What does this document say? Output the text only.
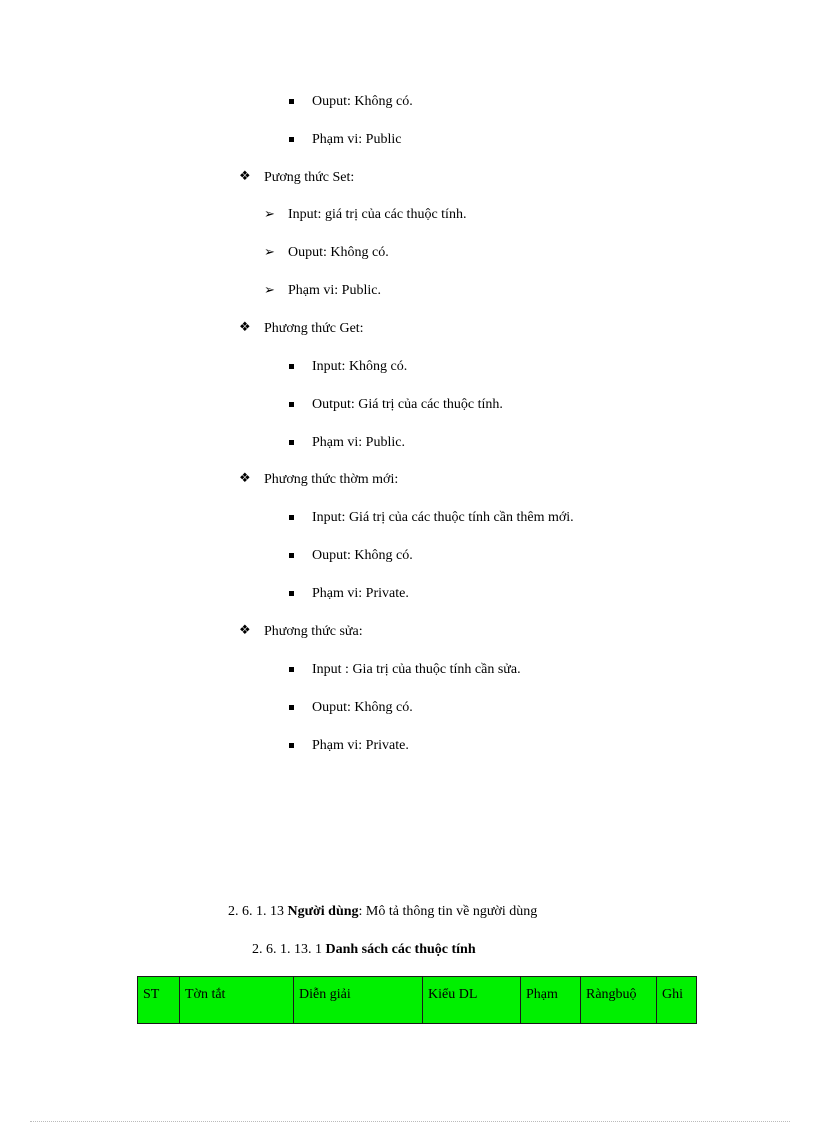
Ouput: Không có.
Phạm vi: Public
❖ Pương thức Set:
➢ Input: giá trị của các thuộc tính.
➢ Ouput: Không có.
➢ Phạm vi: Public.
❖ Phương thức Get:
Input: Không có.
Output: Giá trị của các thuộc tính.
Phạm vi: Public.
❖ Phương thức thờm mới:
Input: Giá trị của các thuộc tính cần thêm mới.
Ouput: Không có.
Phạm vi: Private.
❖ Phương thức sửa:
Input : Gia trị của thuộc tính cần sửa.
Ouput: Không có.
Phạm vi: Private.
2. 6. 1. 13 Người dùng: Mô tả thông tin về người dùng
2. 6. 1. 13. 1 Danh sách các thuộc tính
ST	Tờn tắt	Diễn giải	Kiểu DL	Phạm	Ràngbuộ	Ghi
